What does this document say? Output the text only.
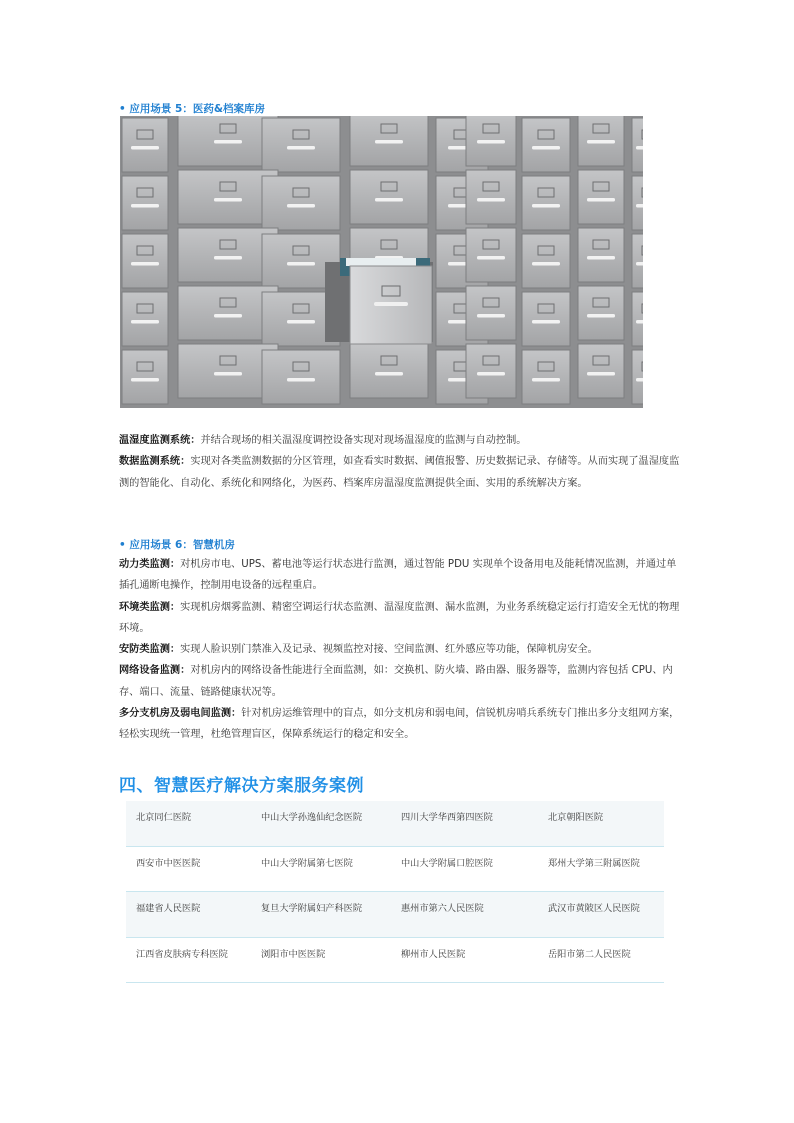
• 应用场景 5：医药&档案库房

温湿度监测系统：并结合现场的相关温湿度调控设备实现对现场温湿度的监测与自动控制。
数据监测系统：实现对各类监测数据的分区管理，如查看实时数据、阈值报警、历史数据记录、存储等。从而实现了温湿度监测的智能化、自动化、系统化和网络化，为医药、档案库房温湿度监测提供全面、实用的系统解决方案。

• 应用场景 6：智慧机房

动力类监测：对机房市电、UPS、蓄电池等运行状态进行监测，通过智能 PDU 实现单个设备用电及能耗情况监测，并通过单插孔通断电操作，控制用电设备的远程重启。
环境类监测：实现机房烟雾监测、精密空调运行状态监测、温湿度监测、漏水监测，为业务系统稳定运行打造安全无忧的物理环境。
安防类监测：实现人脸识别门禁准入及记录、视频监控对接、空间监测、红外感应等功能，保障机房安全。
网络设备监测：对机房内的网络设备性能进行全面监测，如：交换机、防火墙、路由器、服务器等，监测内容包括 CPU、内存、端口、流量、链路健康状况等。
多分支机房及弱电间监测：针对机房运维管理中的盲点，如分支机房和弱电间，信锐机房哨兵系统专门推出多分支组网方案，轻松实现统一管理，杜绝管理盲区，保障系统运行的稳定和安全。

四、智慧医疗解决方案服务案例
北京同仁医院	中山大学孙逸仙纪念医院	四川大学华西第四医院	北京朝阳医院
西安市中医医院	中山大学附属第七医院	中山大学附属口腔医院	郑州大学第三附属医院
福建省人民医院	复旦大学附属妇产科医院	惠州市第六人民医院	武汉市黄陂区人民医院
江西省皮肤病专科医院	浏阳市中医医院	柳州市人民医院	岳阳市第二人民医院
